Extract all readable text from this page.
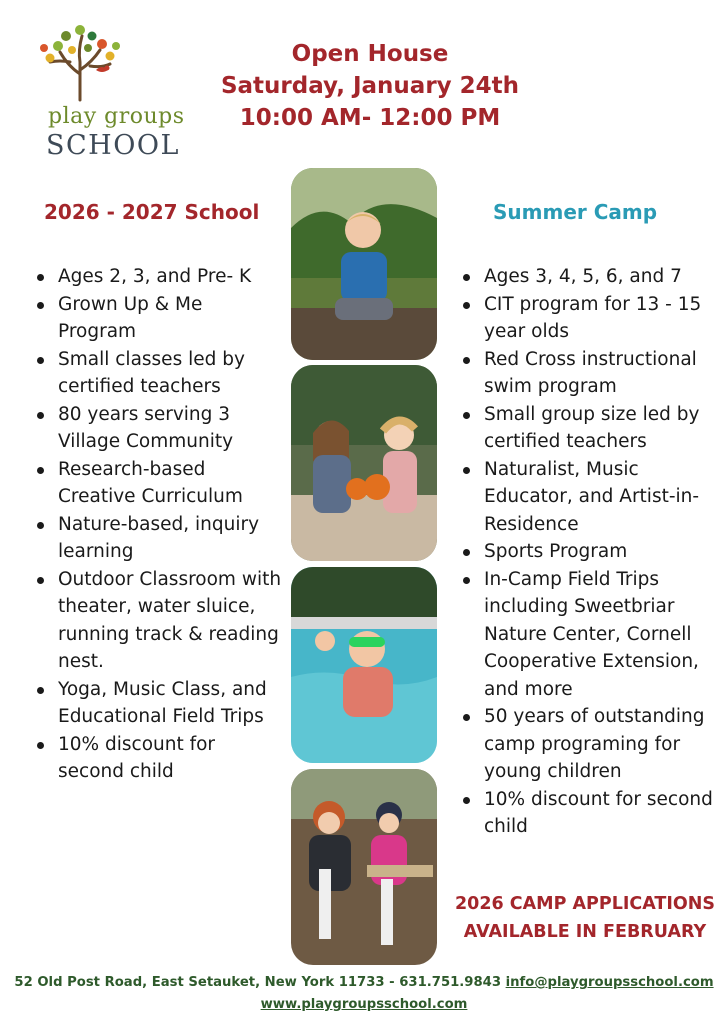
play groups
SCHOOL
Open House
Saturday, January 24th
10:00 AM- 12:00 PM
2026 - 2027 School
Ages 2, 3, and Pre- K
Grown Up & Me Program
Small classes led by certified teachers
80 years serving 3 Village Community
Research-based Creative Curriculum
Nature-based, inquiry learning
Outdoor Classroom with theater, water sluice, running track & reading nest.
Yoga, Music Class, and Educational Field Trips
10% discount for second child
Summer Camp
Ages 3, 4, 5, 6, and 7
CIT program for 13 - 15 year olds
Red Cross instructional swim program
Small group size led by certified teachers
Naturalist, Music Educator, and Artist-in-Residence
Sports Program
In-Camp Field Trips including Sweetbriar Nature Center, Cornell Cooperative Extension, and more
50 years of outstanding camp programing for young children
10% discount for second child
2026 CAMP APPLICATIONS
AVAILABLE IN FEBRUARY
52 Old Post Road, East Setauket, New York 11733 - 631.751.9843 info@playgroupsschool.com
www.playgroupsschool.com
